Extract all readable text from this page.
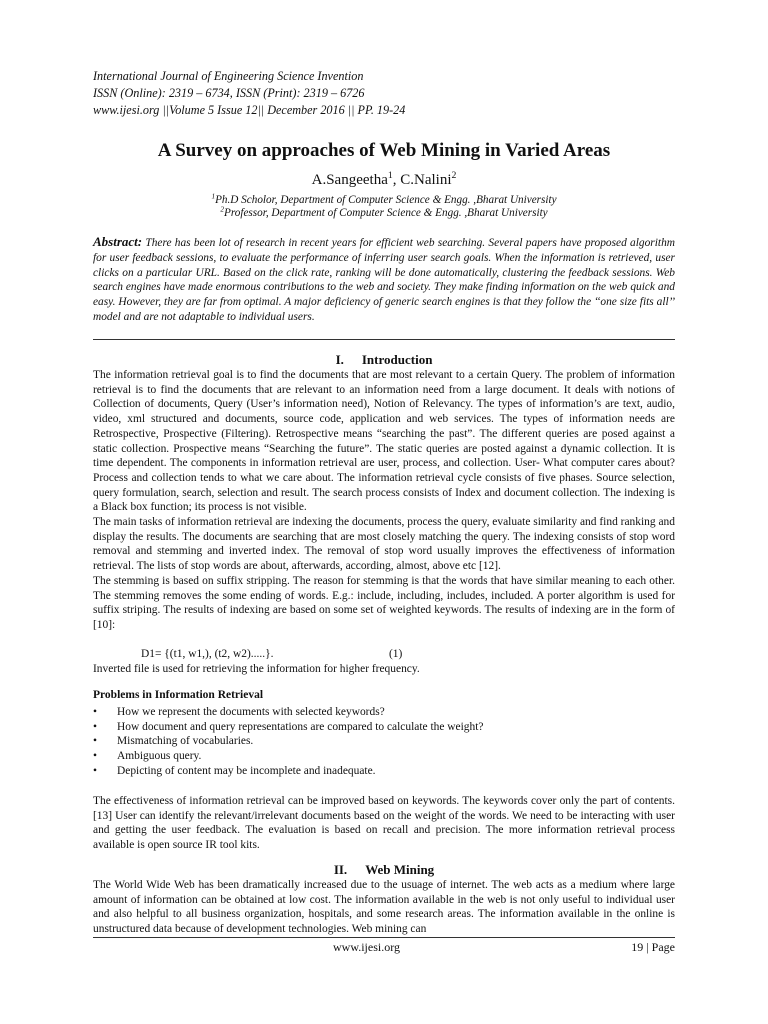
International Journal of Engineering Science Invention
ISSN (Online): 2319 – 6734, ISSN (Print): 2319 – 6726
www.ijesi.org ||Volume 5 Issue 12|| December 2016 || PP. 19-24
A Survey on approaches of Web Mining in Varied Areas
A.Sangeetha$^1$, C.Nalini$^2$
$^1$Ph.D Scholor, Department of Computer Science & Engg. ,Bharat University
$^2$Professor, Department of Computer Science & Engg. ,Bharat University
Abstract: There has been lot of research in recent years for efficient web searching. Several papers have proposed algorithm for user feedback sessions, to evaluate the performance of inferring user search goals. When the information is retrieved, user clicks on a particular URL. Based on the click rate, ranking will be done automatically, clustering the feedback sessions. Web search engines have made enormous contributions to the web and society. They make finding information on the web quick and easy. However, they are far from optimal. A major deficiency of generic search engines is that they follow the ‘‘one size fits all’’ model and are not adaptable to individual users.
I. Introduction

The information retrieval goal is to find the documents that are most relevant to a certain Query. The problem of information retrieval is to find the documents that are relevant to an information need from a large document. It deals with notions of Collection of documents, Query (User’s information need), Notion of Relevancy. The types of information’s are text, audio, video, xml structured and documents, source code, application and web services. The types of information needs are Retrospective, Prospective (Filtering). Retrospective means “searching the past”. The different queries are posed against a static collection. Prospective means “Searching the future”. The static queries are posted against a dynamic collection. It is time dependent. The components in information retrieval are user, process, and collection. User- What computer cares about? Process and collection tends to what we care about. The information retrieval cycle consists of five phases. Source selection, query formulation, search, selection and result. The search process consists of Index and document collection. The indexing is a Black box function; its process is not visible.

The main tasks of information retrieval are indexing the documents, process the query, evaluate similarity and find ranking and display the results. The documents are searching that are most closely matching the query. The indexing consists of stop word removal and stemming and inverted index. The removal of stop word usually improves the effectiveness of information retrieval. The lists of stop words are about, afterwards, according, almost, above etc [12].

The stemming is based on suffix stripping. The reason for stemming is that the words that have similar meaning to each other. The stemming removes the some ending of words. E.g.: include, including, includes, included. A porter algorithm is used for suffix striping. The results of indexing are based on some set of weighted keywords. The results of indexing are in the form of [10]:

D1= {(t1, w1,), (t2, w2).....}.	(1)

Inverted file is used for retrieving the information for higher frequency.

Problems in Information Retrieval
• How we represent the documents with selected keywords?
• How document and query representations are compared to calculate the weight?
• Mismatching of vocabularies.
• Ambiguous query.
• Depicting of content may be incomplete and inadequate.

The effectiveness of information retrieval can be improved based on keywords. The keywords cover only the part of contents.[13] User can identify the relevant/irrelevant documents based on the weight of the words. We need to be interacting with user and getting the user feedback. The evaluation is based on recall and precision. The more information retrieval process available is open source IR tool kits.

II. Web Mining

The World Wide Web has been dramatically increased due to the usuage of internet. The web acts as a medium where large amount of information can be obtained at low cost. The information available in the web is not only useful to individual user and also helpful to all business organization, hospitals, and some research areas. The information available in the online is unstructured data because of development technologies. Web mining can

www.ijesi.org	19 | Page
